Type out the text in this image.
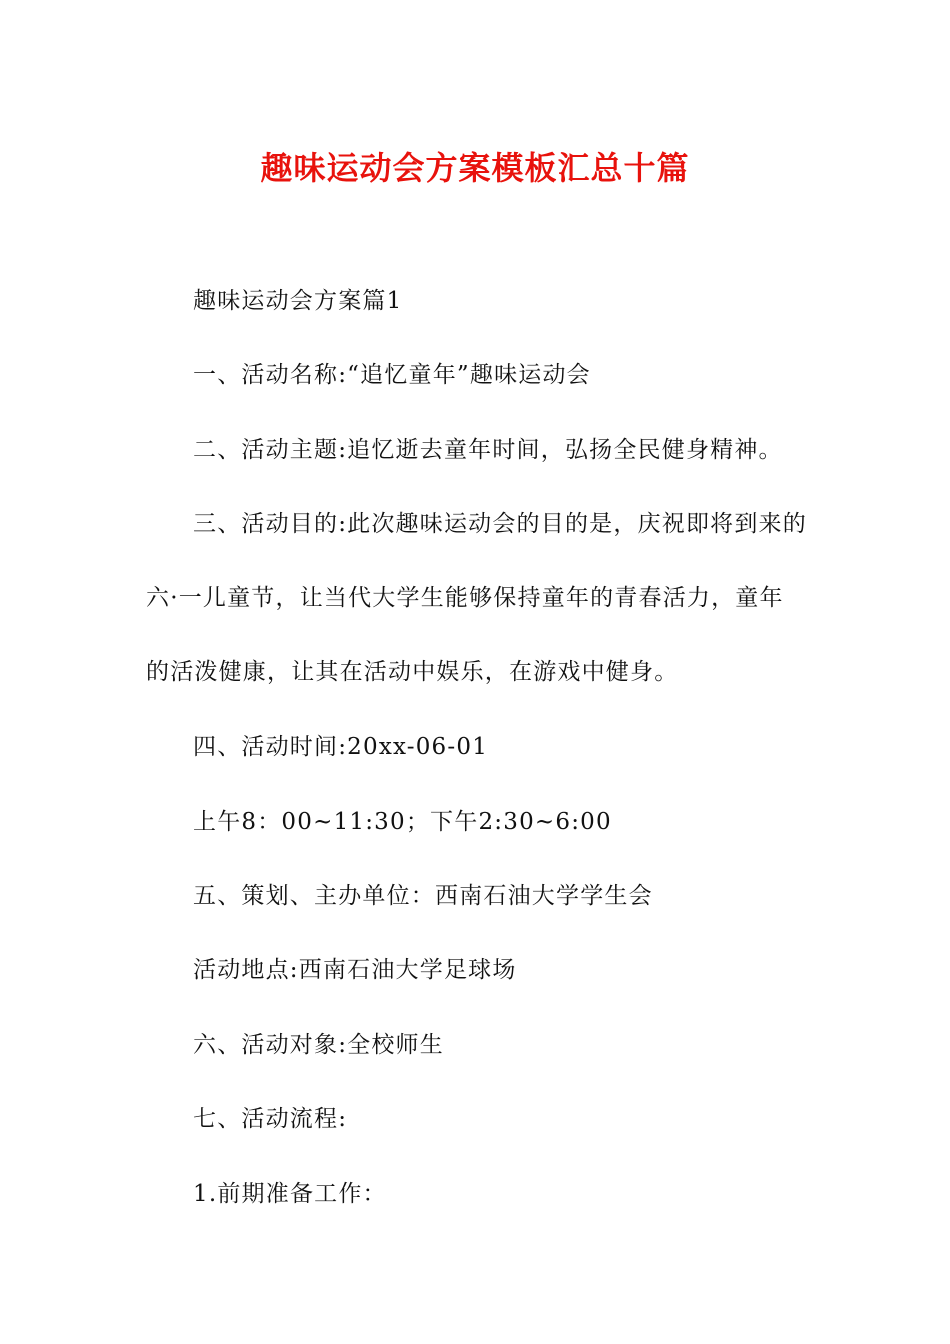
趣味运动会方案模板汇总十篇
趣味运动会方案篇1
一、活动名称:“追忆童年”趣味运动会
二、活动主题:追忆逝去童年时间，弘扬全民健身精神。
三、活动目的:此次趣味运动会的目的是，庆祝即将到来的
六·一儿童节，让当代大学生能够保持童年的青春活力，童年
的活泼健康，让其在活动中娱乐，在游戏中健身。
四、活动时间:20xx-06-01
上午8：00~11:30；下午2:30~6:00
五、策划、主办单位：西南石油大学学生会
活动地点:西南石油大学足球场
六、活动对象:全校师生
七、活动流程:
1.前期准备工作：
